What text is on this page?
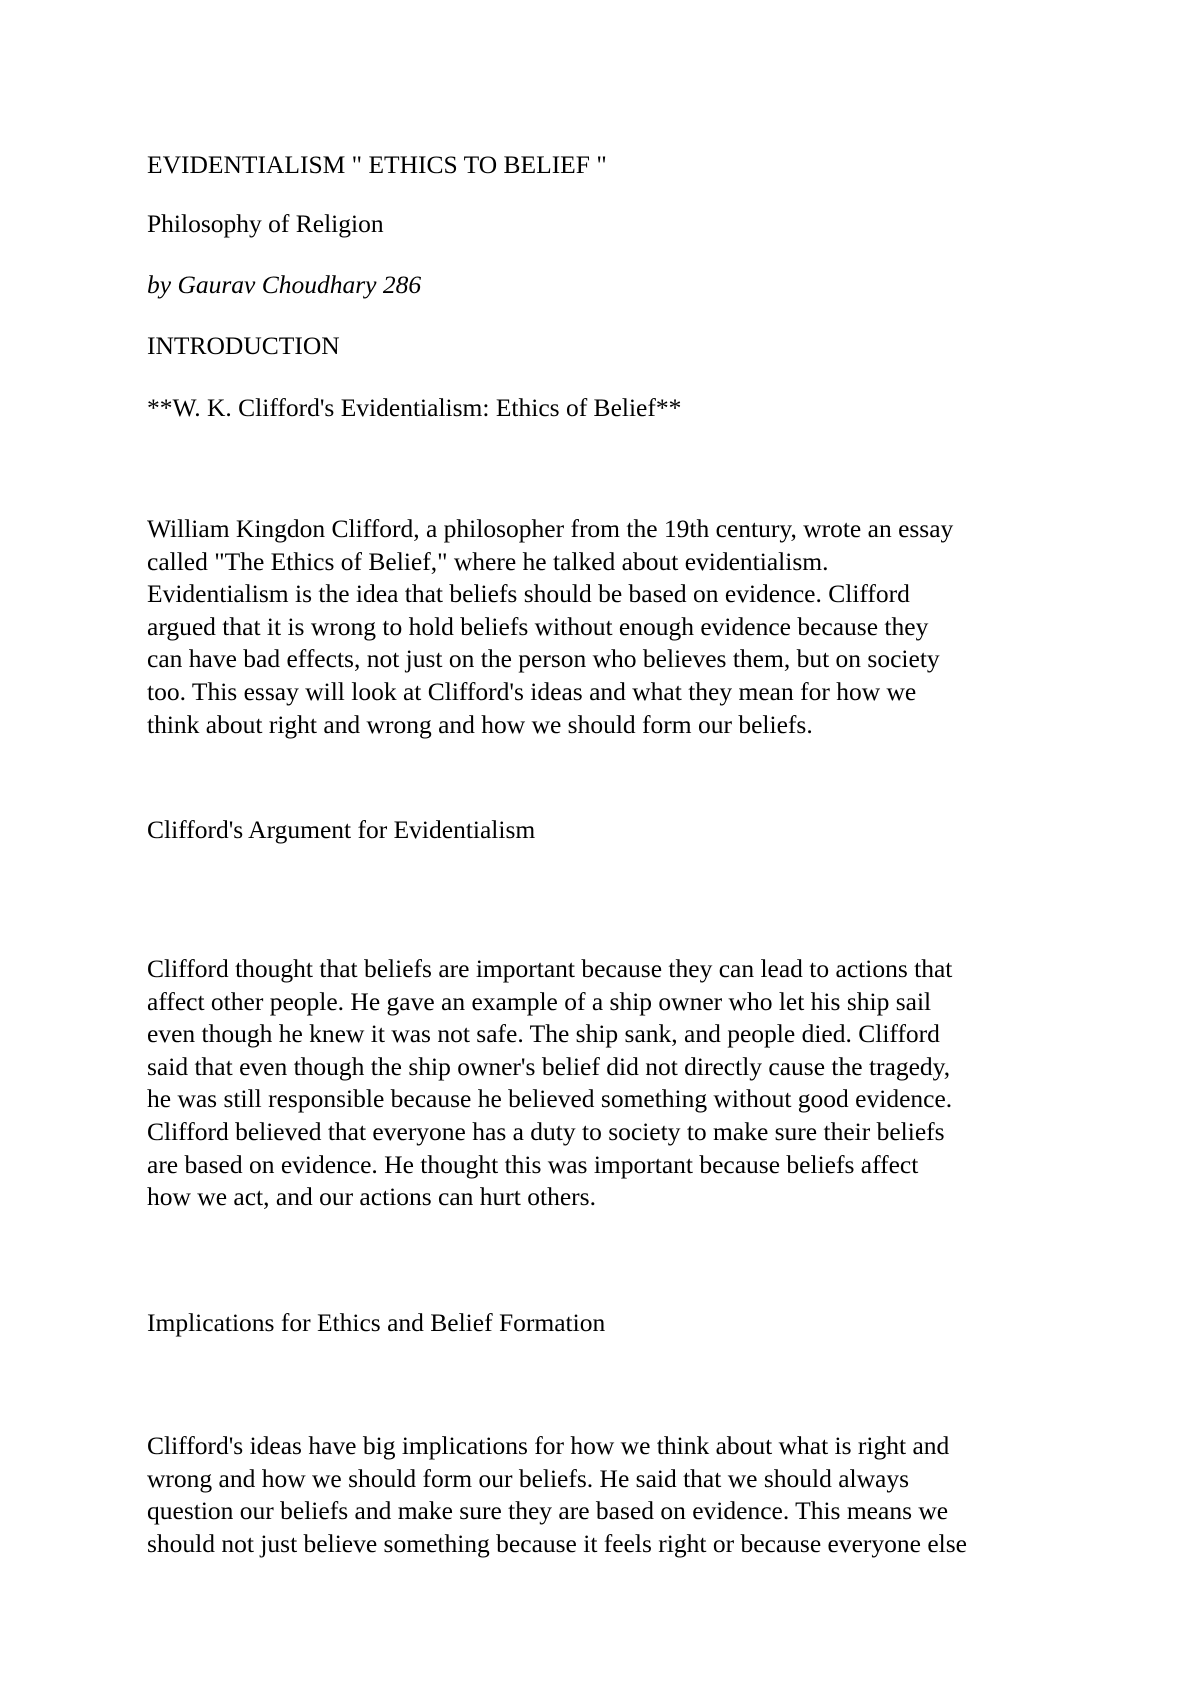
EVIDENTIALISM " ETHICS TO BELIEF "

Philosophy of Religion

by Gaurav Choudhary 286

INTRODUCTION

**W. K. Clifford's Evidentialism: Ethics of Belief**

William Kingdon Clifford, a philosopher from the 19th century, wrote an essay
called "The Ethics of Belief," where he talked about evidentialism.
Evidentialism is the idea that beliefs should be based on evidence. Clifford
argued that it is wrong to hold beliefs without enough evidence because they
can have bad effects, not just on the person who believes them, but on society
too. This essay will look at Clifford's ideas and what they mean for how we
think about right and wrong and how we should form our beliefs.

Clifford's Argument for Evidentialism

Clifford thought that beliefs are important because they can lead to actions that
affect other people. He gave an example of a ship owner who let his ship sail
even though he knew it was not safe. The ship sank, and people died. Clifford
said that even though the ship owner's belief did not directly cause the tragedy,
he was still responsible because he believed something without good evidence.
Clifford believed that everyone has a duty to society to make sure their beliefs
are based on evidence. He thought this was important because beliefs affect
how we act, and our actions can hurt others.

Implications for Ethics and Belief Formation

Clifford's ideas have big implications for how we think about what is right and
wrong and how we should form our beliefs. He said that we should always
question our beliefs and make sure they are based on evidence. This means we
should not just believe something because it feels right or because everyone else
